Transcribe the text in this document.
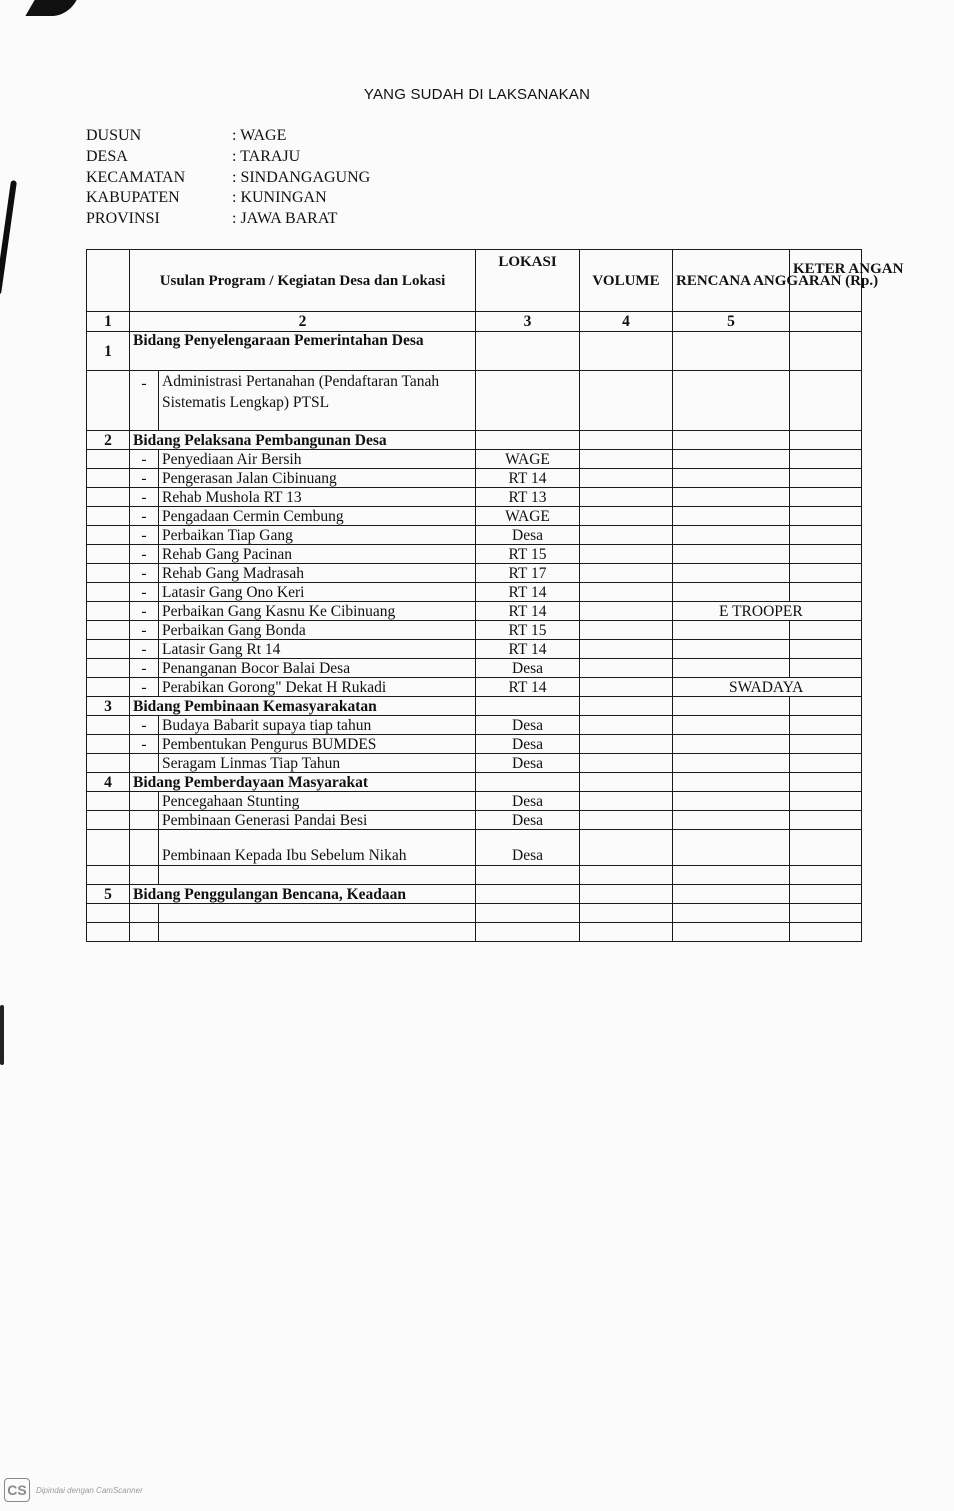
YANG SUDAH DI LAKSANAKAN
DUSUN	: WAGE
DESA	: TARAJU
KECAMATAN	: SINDANGAGUNG
KABUPATEN	: KUNINGAN
PROVINSI	: JAWA BARAT
	Usulan Program / Kegiatan Desa dan Lokasi		LOKASI	VOLUME	RENCANA ANGGARAN (Rp.)	KETER ANGAN
1	2		3	4	5	
1	Bidang Penyelengaraan Pemerintahan Desa					
	-	Administrasi Pertanahan (Pendaftaran Tanah Sistematis Lengkap) PTSL				
2	Bidang Pelaksana Pembangunan Desa					
	-	Penyediaan Air Bersih	WAGE			
	-	Pengerasan Jalan Cibinuang	RT 14			
	-	Rehab Mushola RT 13	RT 13			
	-	Pengadaan Cermin Cembung	WAGE			
	-	Perbaikan Tiap Gang	Desa			
	-	Rehab Gang Pacinan	RT 15			
	-	Rehab Gang Madrasah	RT 17			
	-	Latasir Gang Ono Keri	RT 14			
	-	Perbaikan Gang Kasnu Ke Cibinuang	RT 14		E TROOPER	
	-	Perbaikan Gang Bonda	RT 15			
	-	Latasir Gang Rt 14	RT 14			
	-	Penanganan Bocor Balai Desa	Desa			
	-	Perabikan Gorong" Dekat H Rukadi	RT 14		SWADAYA	
3	Bidang Pembinaan Kemasyarakatan					
	-	Budaya Babarit supaya tiap tahun	Desa			
	-	Pembentukan Pengurus BUMDES	Desa			
		Seragam Linmas Tiap Tahun	Desa			
4	Bidang Pemberdayaan Masyarakat					
		Pencegahaan Stunting	Desa			
		Pembinaan Generasi Pandai Besi	Desa			
		Pembinaan Kepada Ibu Sebelum Nikah	Desa			

5	Bidang Penggulangan Bencana, Keadaan					

CS	Dipindai dengan CamScanner
